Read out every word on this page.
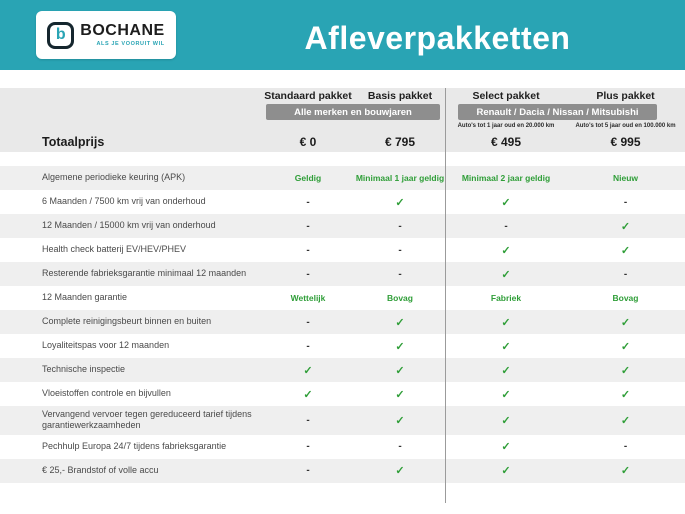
b BOCHANE
ALS JE VOORUIT WIL	Afleverpakketten
Standaard pakket	Basis pakket	Select pakket	Plus pakket
Alle merken en bouwjaren	Renault / Dacia / Nissan / Mitsubishi
Auto's tot 1 jaar oud en 20.000 km	Auto's tot 5 jaar oud en 100.000 km
Totaalprijs	€ 0	€ 795	€ 495	€ 995
Algemene periodieke keuring (APK)	Geldig	Minimaal 1 jaar geldig	Minimaal 2 jaar geldig	Nieuw
6 Maanden / 7500 km vrij van onderhoud	-	✓	✓	-
12 Maanden / 15000 km vrij van onderhoud	-	-	-	✓
Health check batterij EV/HEV/PHEV	-	-	✓	✓
Resterende fabrieksgarantie minimaal 12 maanden	-	-	✓	-
12 Maanden garantie	Wettelijk	Bovag	Fabriek	Bovag
Complete reinigingsbeurt binnen en buiten	-	✓	✓	✓
Loyaliteitspas voor 12 maanden	-	✓	✓	✓
Technische inspectie	✓	✓	✓	✓
Vloeistoffen controle en bijvullen	✓	✓	✓	✓
Vervangend vervoer tegen gereduceerd tarief tijdens garantiewerkzaamheden	-	✓	✓	✓
Pechhulp Europa 24/7 tijdens fabrieksgarantie	-	-	✓	-
€ 25,- Brandstof of volle accu	-	✓	✓	✓
